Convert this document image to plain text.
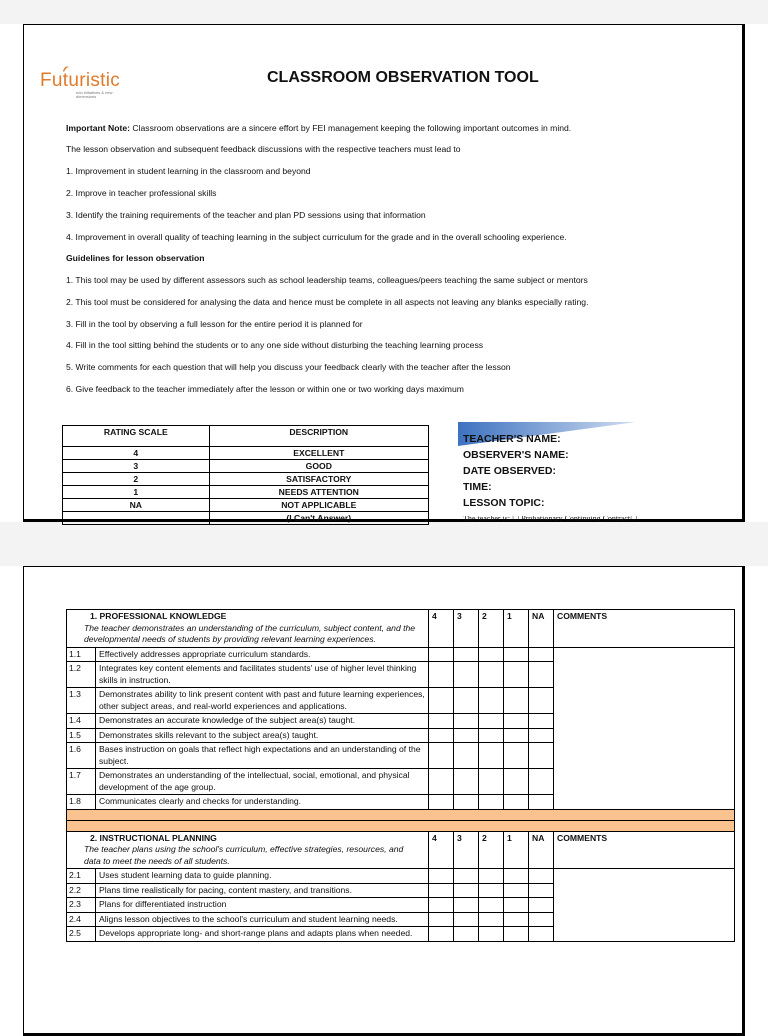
Futuristic
edu initiatives & new dimensions
CLASSROOM OBSERVATION TOOL
Important Note: Classroom observations are a sincere effort by FEI management keeping the following important outcomes in mind.
The lesson observation and subsequent feedback discussions with the respective teachers must lead to
1. Improvement in student learning in the classroom and beyond
2. Improve in teacher professional skills
3. Identify the training requirements of the teacher and plan PD sessions using that information
4. Improvement in overall quality of teaching learning in the subject curriculum for the grade and in the overall schooling experience.
Guidelines for lesson observation
1. This tool may be used by different assessors such as school leadership teams, colleagues/peers teaching the same subject or mentors
2. This tool must be considered for analysing the data and hence must be complete in all aspects not leaving any blanks especially rating.
3. Fill in the tool by observing a full lesson for the entire period it is planned for
4. Fill in the tool sitting behind the students or to any one side without disturbing the teaching learning process
5. Write comments for each question that will help you discuss your feedback clearly with the teacher after the lesson
6. Give feedback to the teacher immediately after the lesson or within one or two working days maximum
RATING SCALE	DESCRIPTION
4	EXCELLENT
3	GOOD
2	SATISFACTORY
1	NEEDS ATTENTION
NA	NOT APPLICABLE
	(I Can't Answer)
TEACHER'S NAME:
OBSERVER'S NAME:
DATE OBSERVED:
TIME:
LESSON TOPIC:
The teacher is: ☐ Probationary Continuing Contract☐
1. PROFESSIONAL KNOWLEDGE
The teacher demonstrates an understanding of the curriculum, subject content, and the developmental needs of students by providing relevant learning experiences.		4	3	2	1	NA	COMMENTS
1.1	Effectively addresses appropriate curriculum standards.						
1.2	Integrates key content elements and facilitates students' use of higher level thinking skills in instruction.						
1.3	Demonstrates ability to link present content with past and future learning experiences, other subject areas, and real-world experiences and applications.						
1.4	Demonstrates an accurate knowledge of the subject area(s) taught.						
1.5	Demonstrates skills relevant to the subject area(s) taught.						
1.6	Bases instruction on goals that reflect high expectations and an understanding of the subject.						
1.7	Demonstrates an understanding of the intellectual, social, emotional, and physical development of the age group.						
1.8	Communicates clearly and checks for understanding.						

2. INSTRUCTIONAL PLANNING
The teacher plans using the school's curriculum, effective strategies, resources, and data to meet the needs of all students.		4	3	2	1	NA	COMMENTS
2.1	Uses student learning data to guide planning.						
2.2	Plans time realistically for pacing, content mastery, and transitions.						
2.3	Plans for differentiated instruction						
2.4	Aligns lesson objectives to the school's curriculum and student learning needs.						
2.5	Develops appropriate long- and short-range plans and adapts plans when needed.						
